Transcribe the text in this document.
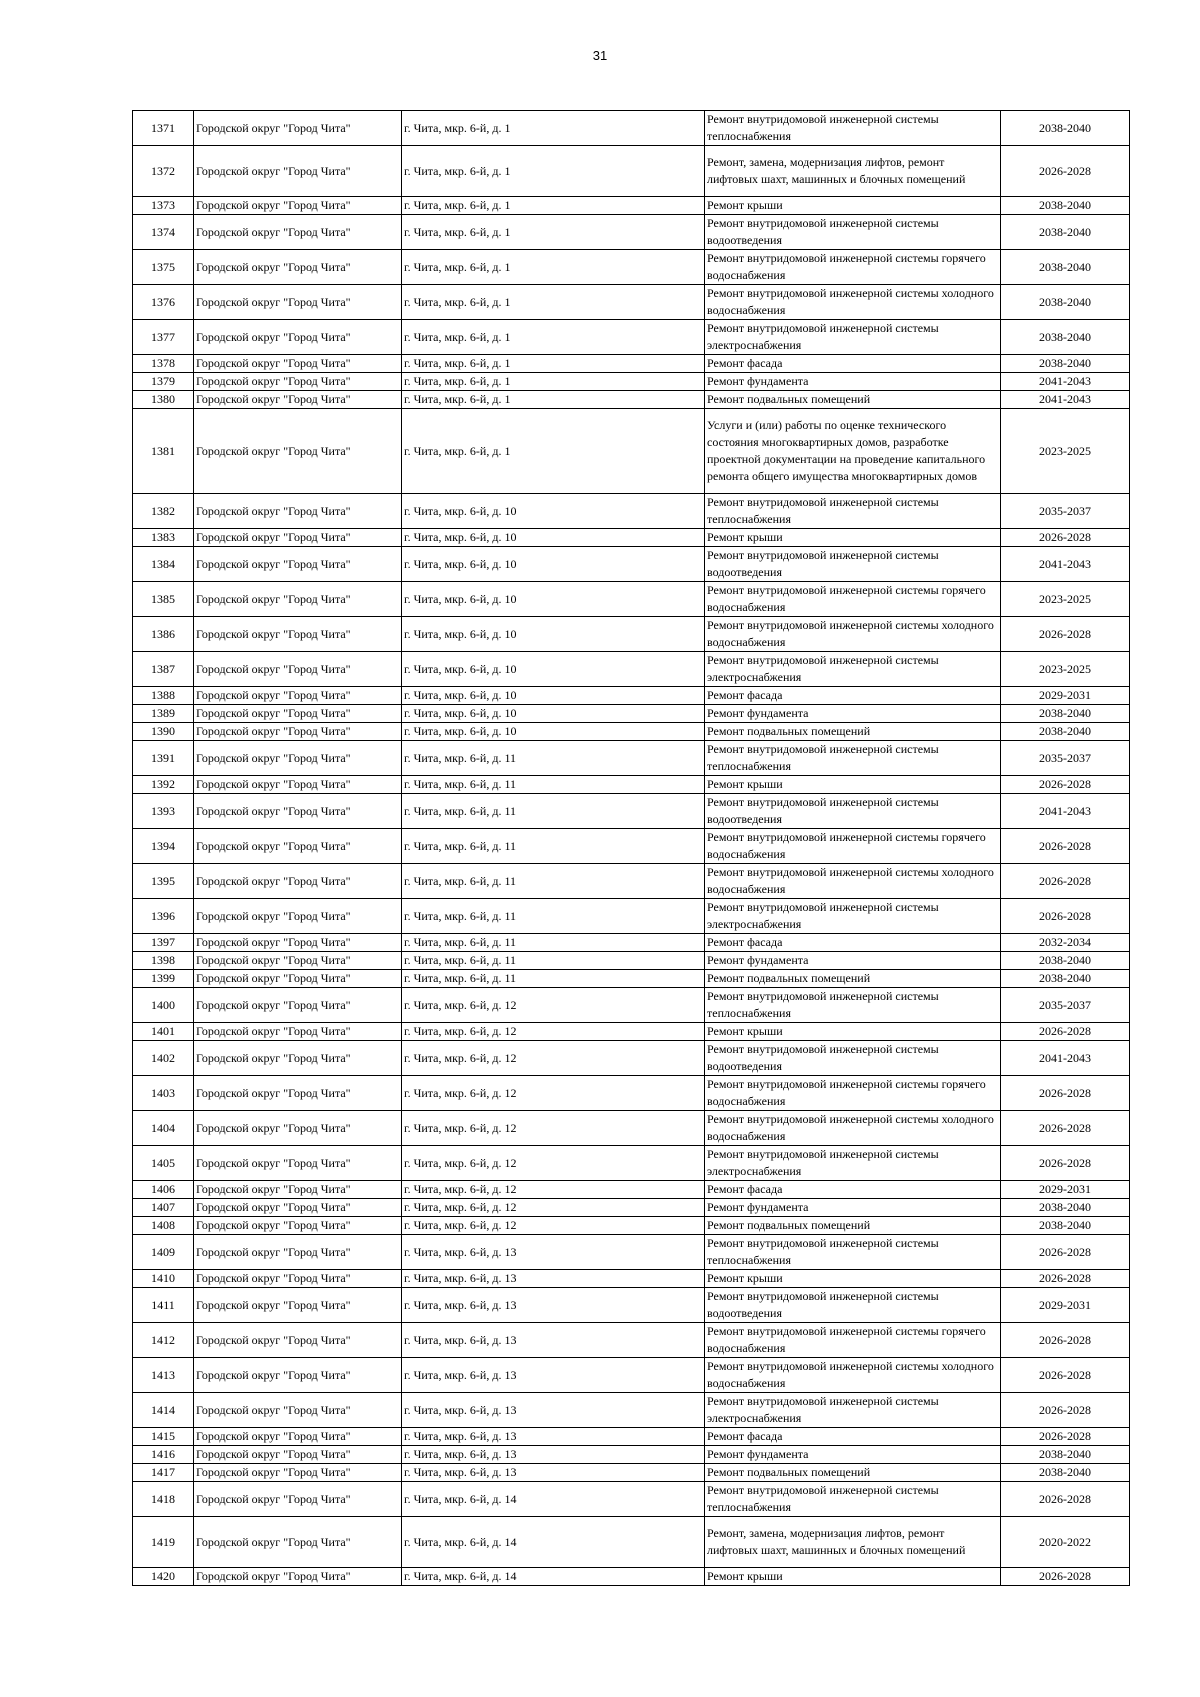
31
1371	Городской округ "Город Чита"	г. Чита, мкр. 6-й, д. 1	Ремонт внутридомовой инженерной системы теплоснабжения	2038-2040
1372	Городской округ "Город Чита"	г. Чита, мкр. 6-й, д. 1	Ремонт, замена, модернизация лифтов, ремонт лифтовых шахт, машинных и блочных помещений	2026-2028
1373	Городской округ "Город Чита"	г. Чита, мкр. 6-й, д. 1	Ремонт крыши	2038-2040
1374	Городской округ "Город Чита"	г. Чита, мкр. 6-й, д. 1	Ремонт внутридомовой инженерной системы водоотведения	2038-2040
1375	Городской округ "Город Чита"	г. Чита, мкр. 6-й, д. 1	Ремонт внутридомовой инженерной системы горячего водоснабжения	2038-2040
1376	Городской округ "Город Чита"	г. Чита, мкр. 6-й, д. 1	Ремонт внутридомовой инженерной системы холодного водоснабжения	2038-2040
1377	Городской округ "Город Чита"	г. Чита, мкр. 6-й, д. 1	Ремонт внутридомовой инженерной системы электроснабжения	2038-2040
1378	Городской округ "Город Чита"	г. Чита, мкр. 6-й, д. 1	Ремонт фасада	2038-2040
1379	Городской округ "Город Чита"	г. Чита, мкр. 6-й, д. 1	Ремонт фундамента	2041-2043
1380	Городской округ "Город Чита"	г. Чита, мкр. 6-й, д. 1	Ремонт подвальных помещений	2041-2043
1381	Городской округ "Город Чита"	г. Чита, мкр. 6-й, д. 1	Услуги и (или) работы по оценке технического состояния многоквартирных домов, разработке проектной документации на проведение капитального ремонта общего имущества многоквартирных домов	2023-2025
1382	Городской округ "Город Чита"	г. Чита, мкр. 6-й, д. 10	Ремонт внутридомовой инженерной системы теплоснабжения	2035-2037
1383	Городской округ "Город Чита"	г. Чита, мкр. 6-й, д. 10	Ремонт крыши	2026-2028
1384	Городской округ "Город Чита"	г. Чита, мкр. 6-й, д. 10	Ремонт внутридомовой инженерной системы водоотведения	2041-2043
1385	Городской округ "Город Чита"	г. Чита, мкр. 6-й, д. 10	Ремонт внутридомовой инженерной системы горячего водоснабжения	2023-2025
1386	Городской округ "Город Чита"	г. Чита, мкр. 6-й, д. 10	Ремонт внутридомовой инженерной системы холодного водоснабжения	2026-2028
1387	Городской округ "Город Чита"	г. Чита, мкр. 6-й, д. 10	Ремонт внутридомовой инженерной системы электроснабжения	2023-2025
1388	Городской округ "Город Чита"	г. Чита, мкр. 6-й, д. 10	Ремонт фасада	2029-2031
1389	Городской округ "Город Чита"	г. Чита, мкр. 6-й, д. 10	Ремонт фундамента	2038-2040
1390	Городской округ "Город Чита"	г. Чита, мкр. 6-й, д. 10	Ремонт подвальных помещений	2038-2040
1391	Городской округ "Город Чита"	г. Чита, мкр. 6-й, д. 11	Ремонт внутридомовой инженерной системы теплоснабжения	2035-2037
1392	Городской округ "Город Чита"	г. Чита, мкр. 6-й, д. 11	Ремонт крыши	2026-2028
1393	Городской округ "Город Чита"	г. Чита, мкр. 6-й, д. 11	Ремонт внутридомовой инженерной системы водоотведения	2041-2043
1394	Городской округ "Город Чита"	г. Чита, мкр. 6-й, д. 11	Ремонт внутридомовой инженерной системы горячего водоснабжения	2026-2028
1395	Городской округ "Город Чита"	г. Чита, мкр. 6-й, д. 11	Ремонт внутридомовой инженерной системы холодного водоснабжения	2026-2028
1396	Городской округ "Город Чита"	г. Чита, мкр. 6-й, д. 11	Ремонт внутридомовой инженерной системы электроснабжения	2026-2028
1397	Городской округ "Город Чита"	г. Чита, мкр. 6-й, д. 11	Ремонт фасада	2032-2034
1398	Городской округ "Город Чита"	г. Чита, мкр. 6-й, д. 11	Ремонт фундамента	2038-2040
1399	Городской округ "Город Чита"	г. Чита, мкр. 6-й, д. 11	Ремонт подвальных помещений	2038-2040
1400	Городской округ "Город Чита"	г. Чита, мкр. 6-й, д. 12	Ремонт внутридомовой инженерной системы теплоснабжения	2035-2037
1401	Городской округ "Город Чита"	г. Чита, мкр. 6-й, д. 12	Ремонт крыши	2026-2028
1402	Городской округ "Город Чита"	г. Чита, мкр. 6-й, д. 12	Ремонт внутридомовой инженерной системы водоотведения	2041-2043
1403	Городской округ "Город Чита"	г. Чита, мкр. 6-й, д. 12	Ремонт внутридомовой инженерной системы горячего водоснабжения	2026-2028
1404	Городской округ "Город Чита"	г. Чита, мкр. 6-й, д. 12	Ремонт внутридомовой инженерной системы холодного водоснабжения	2026-2028
1405	Городской округ "Город Чита"	г. Чита, мкр. 6-й, д. 12	Ремонт внутридомовой инженерной системы электроснабжения	2026-2028
1406	Городской округ "Город Чита"	г. Чита, мкр. 6-й, д. 12	Ремонт фасада	2029-2031
1407	Городской округ "Город Чита"	г. Чита, мкр. 6-й, д. 12	Ремонт фундамента	2038-2040
1408	Городской округ "Город Чита"	г. Чита, мкр. 6-й, д. 12	Ремонт подвальных помещений	2038-2040
1409	Городской округ "Город Чита"	г. Чита, мкр. 6-й, д. 13	Ремонт внутридомовой инженерной системы теплоснабжения	2026-2028
1410	Городской округ "Город Чита"	г. Чита, мкр. 6-й, д. 13	Ремонт крыши	2026-2028
1411	Городской округ "Город Чита"	г. Чита, мкр. 6-й, д. 13	Ремонт внутридомовой инженерной системы водоотведения	2029-2031
1412	Городской округ "Город Чита"	г. Чита, мкр. 6-й, д. 13	Ремонт внутридомовой инженерной системы горячего водоснабжения	2026-2028
1413	Городской округ "Город Чита"	г. Чита, мкр. 6-й, д. 13	Ремонт внутридомовой инженерной системы холодного водоснабжения	2026-2028
1414	Городской округ "Город Чита"	г. Чита, мкр. 6-й, д. 13	Ремонт внутридомовой инженерной системы электроснабжения	2026-2028
1415	Городской округ "Город Чита"	г. Чита, мкр. 6-й, д. 13	Ремонт фасада	2026-2028
1416	Городской округ "Город Чита"	г. Чита, мкр. 6-й, д. 13	Ремонт фундамента	2038-2040
1417	Городской округ "Город Чита"	г. Чита, мкр. 6-й, д. 13	Ремонт подвальных помещений	2038-2040
1418	Городской округ "Город Чита"	г. Чита, мкр. 6-й, д. 14	Ремонт внутридомовой инженерной системы теплоснабжения	2026-2028
1419	Городской округ "Город Чита"	г. Чита, мкр. 6-й, д. 14	Ремонт, замена, модернизация лифтов, ремонт лифтовых шахт, машинных и блочных помещений	2020-2022
1420	Городской округ "Город Чита"	г. Чита, мкр. 6-й, д. 14	Ремонт крыши	2026-2028
